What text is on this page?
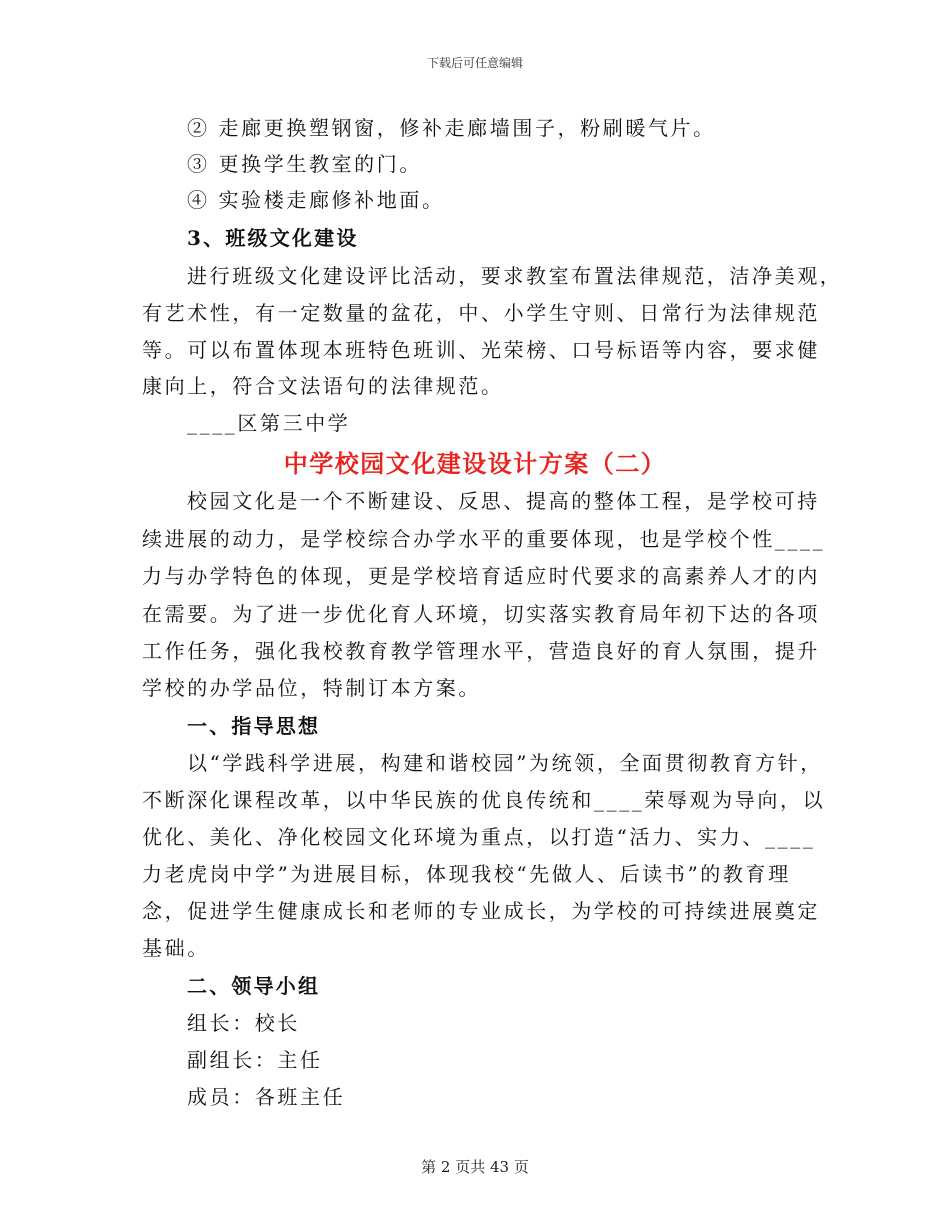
下载后可任意编辑
② 走廊更换塑钢窗，修补走廊墙围子，粉刷暖气片。
③ 更换学生教室的门。
④ 实验楼走廊修补地面。
3、班级文化建设
进行班级文化建设评比活动，要求教室布置法律规范，洁净美观，
有艺术性，有一定数量的盆花，中、小学生守则、日常行为法律规范
等。可以布置体现本班特色班训、光荣榜、口号标语等内容，要求健
康向上，符合文法语句的法律规范。
____区第三中学
中学校园文化建设设计方案（二）
校园文化是一个不断建设、反思、提高的整体工程，是学校可持
续进展的动力，是学校综合办学水平的重要体现，也是学校个性____
力与办学特色的体现，更是学校培育适应时代要求的高素养人才的内
在需要。为了进一步优化育人环境，切实落实教育局年初下达的各项
工作任务，强化我校教育教学管理水平，营造良好的育人氛围，提升
学校的办学品位，特制订本方案。
一、指导思想
以“学践科学进展，构建和谐校园”为统领，全面贯彻教育方针，
不断深化课程改革，以中华民族的优良传统和____荣辱观为导向，以
优化、美化、净化校园文化环境为重点，以打造“活力、实力、____
力老虎岗中学”为进展目标，体现我校“先做人、后读书”的教育理
念，促进学生健康成长和老师的专业成长，为学校的可持续进展奠定
基础。
二、领导小组
组长：校长
副组长：主任
成员：各班主任
第 2 页共 43 页
